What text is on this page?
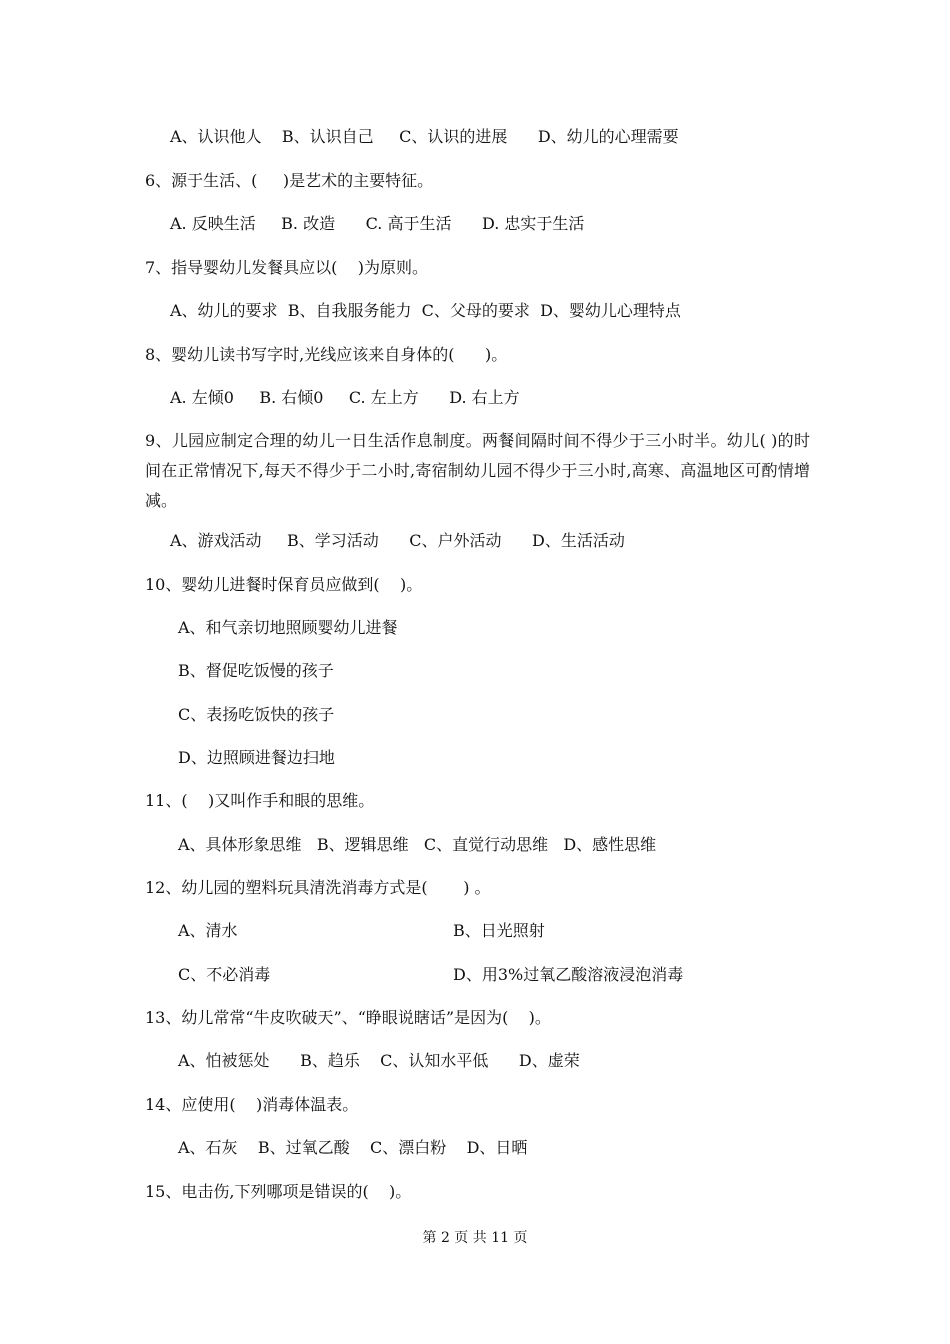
A、认识他人    B、认识自己     C、认识的进展      D、幼儿的心理需要
6、源于生活、(     )是艺术的主要特征。
A. 反映生活     B. 改造      C. 高于生活      D. 忠实于生活
7、指导婴幼儿发餐具应以(    )为原则。
A、幼儿的要求  B、自我服务能力  C、父母的要求  D、婴幼儿心理特点
8、婴幼儿读书写字时,光线应该来自身体的(      )。
A. 左倾0     B. 右倾0     C. 左上方      D. 右上方
9、儿园应制定合理的幼儿一日生活作息制度。两餐间隔时间不得少于三小时半。幼儿( )的时间在正常情况下,每天不得少于二小时,寄宿制幼儿园不得少于三小时,高寒、高温地区可酌情增减。
A、游戏活动     B、学习活动      C、户外活动      D、生活活动
10、婴幼儿进餐时保育员应做到(    )。
A、和气亲切地照顾婴幼儿进餐
B、督促吃饭慢的孩子
C、表扬吃饭快的孩子
D、边照顾进餐边扫地
11、(    )又叫作手和眼的思维。
A、具体形象思维   B、逻辑思维   C、直觉行动思维   D、感性思维
12、幼儿园的塑料玩具清洗消毒方式是(       ) 。
A、清水	B、日光照射
C、不必消毒	D、用3%过氧乙酸溶液浸泡消毒
13、幼儿常常“牛皮吹破天”、“睁眼说瞎话”是因为(    )。
A、怕被惩处      B、趋乐    C、认知水平低      D、虚荣
14、应使用(    )消毒体温表。
A、石灰    B、过氧乙酸    C、漂白粉    D、日晒
15、电击伤,下列哪项是错误的(    )。
第 2 页 共 11 页
